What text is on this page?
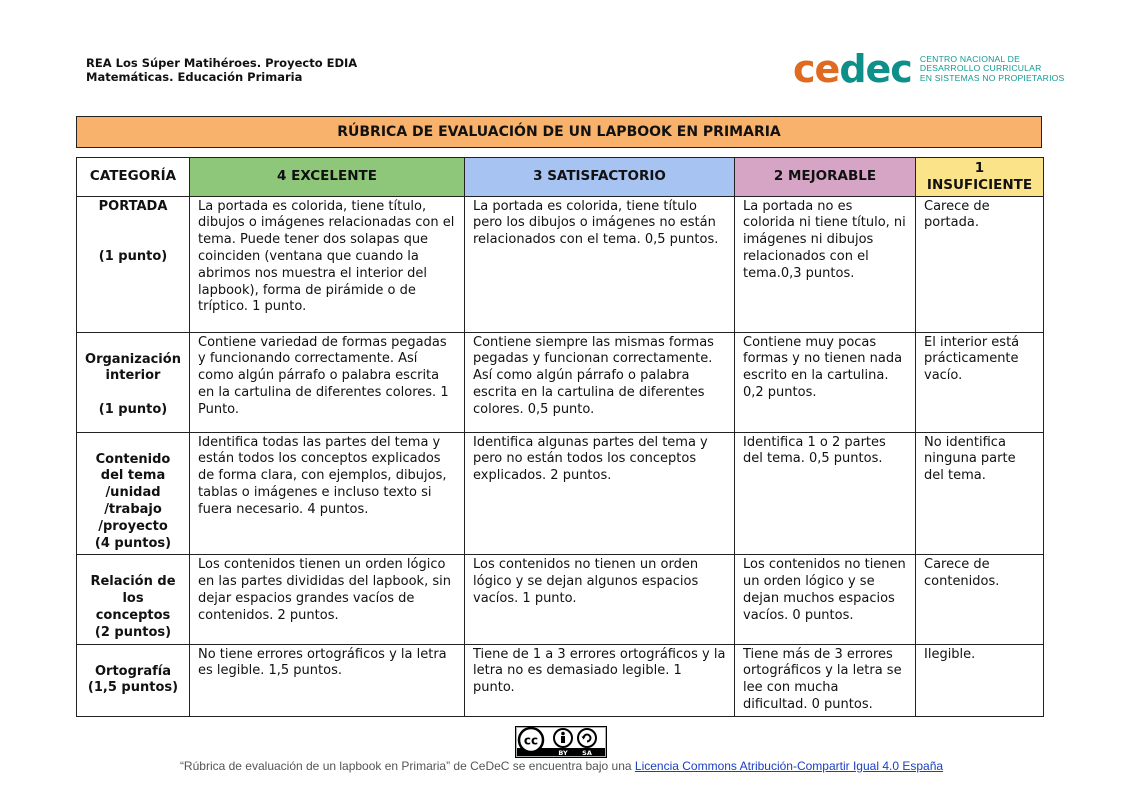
REA Los Súper Matihéroes. Proyecto EDIA
Matemáticas. Educación Primaria	cedec CENTRO NACIONAL DE
DESARROLLO CURRICULAR
EN SISTEMAS NO PROPIETARIOS
RÚBRICA DE EVALUACIÓN DE UN LAPBOOK EN PRIMARIA
CATEGORÍA	4 EXCELENTE	3 SATISFACTORIO	2 MEJORABLE	1 INSUFICIENTE
PORTADA

(1 punto)	La portada es colorida, tiene título, dibujos o imágenes relacionadas con el tema. Puede tener dos solapas que coinciden (ventana que cuando la abrimos nos muestra el interior del lapbook), forma de pirámide o de tríptico. 1 punto.	La portada es colorida, tiene título pero los dibujos o imágenes no están relacionados con el tema. 0,5 puntos.	La portada no es colorida ni tiene título, ni imágenes ni dibujos relacionados con el tema.0,3 puntos.	Carece de portada.
Organización interior

(1 punto)	Contiene variedad de formas pegadas y funcionando correctamente. Así como algún párrafo o palabra escrita en la cartulina de diferentes colores. 1 Punto.	Contiene siempre las mismas formas pegadas y funcionan correctamente. Así como algún párrafo o palabra escrita en la cartulina de diferentes colores. 0,5 punto.	Contiene muy pocas formas y no tienen nada escrito en la cartulina. 0,2 puntos.	El interior está prácticamente vacío.
Contenido del tema /unidad /trabajo /proyecto
(4 puntos)	Identifica todas las partes del tema y están todos los conceptos explicados de forma clara, con ejemplos, dibujos, tablas o imágenes e incluso texto si fuera necesario. 4 puntos.	Identifica algunas partes del tema y pero no están todos los conceptos explicados. 2 puntos.	Identifica 1 o 2 partes del tema. 0,5 puntos.	No identifica ninguna parte del tema.
Relación de los conceptos
(2 puntos)	Los contenidos tienen un orden lógico en las partes divididas del lapbook, sin dejar espacios grandes vacíos de contenidos. 2 puntos.	Los contenidos no tienen un orden lógico y se dejan algunos espacios vacíos. 1 punto.	Los contenidos no tienen un orden lógico y se dejan muchos espacios vacíos. 0 puntos.	Carece de contenidos.
Ortografía
(1,5 puntos)	No tiene errores ortográficos y la letra es legible. 1,5 puntos.	Tiene de 1 a 3 errores ortográficos y la letra no es demasiado legible. 1 punto.	Tiene más de 3 errores ortográficos y la letra se lee con mucha dificultad. 0 puntos.	Ilegible.
cc
BY SA
“Rúbrica de evaluación de un lapbook en Primaria” de CeDeC se encuentra bajo una Licencia Commons Atribución-Compartir Igual 4.0 España
